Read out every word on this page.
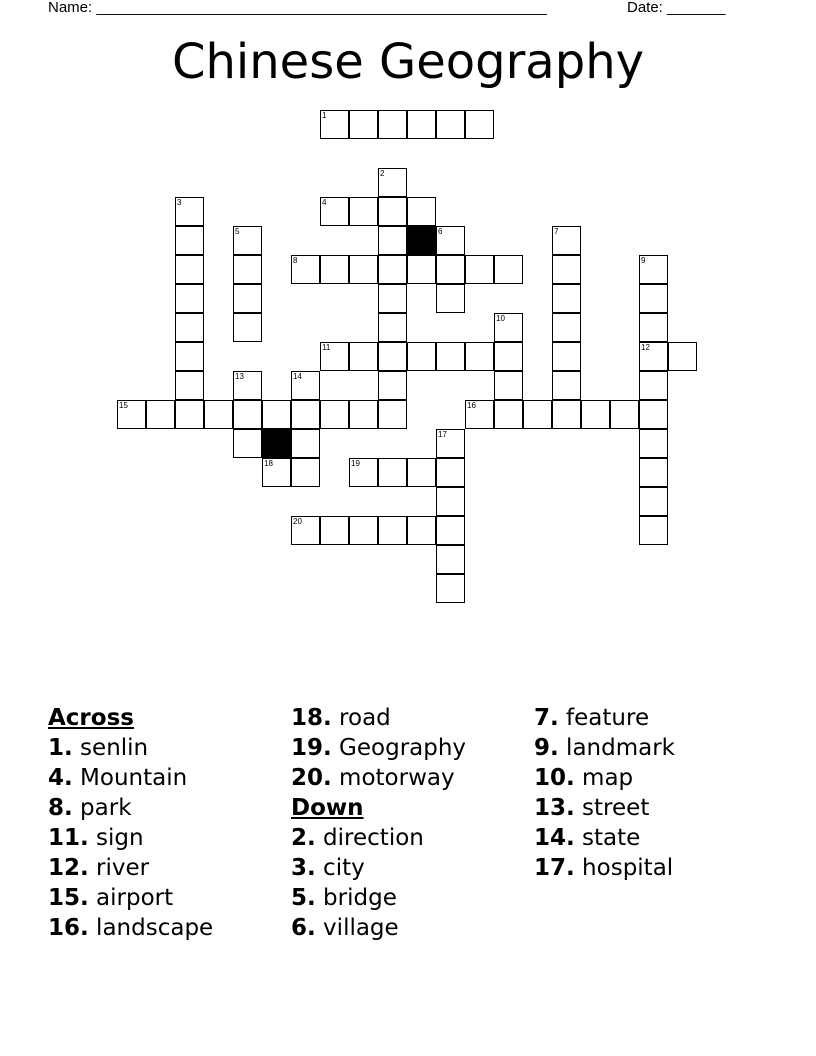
Name: ______________________________________________________	Date: _______
Chinese Geography
1
2
3	4
5	6	7
8	9
10
11	12
13	14
15	16
17
18	19
20
Across
1. senlin
4. Mountain
8. park
11. sign
12. river
15. airport
16. landscape
18. road
19. Geography
20. motorway
Down
2. direction
3. city
5. bridge
6. village
7. feature
9. landmark
10. map
13. street
14. state
17. hospital
